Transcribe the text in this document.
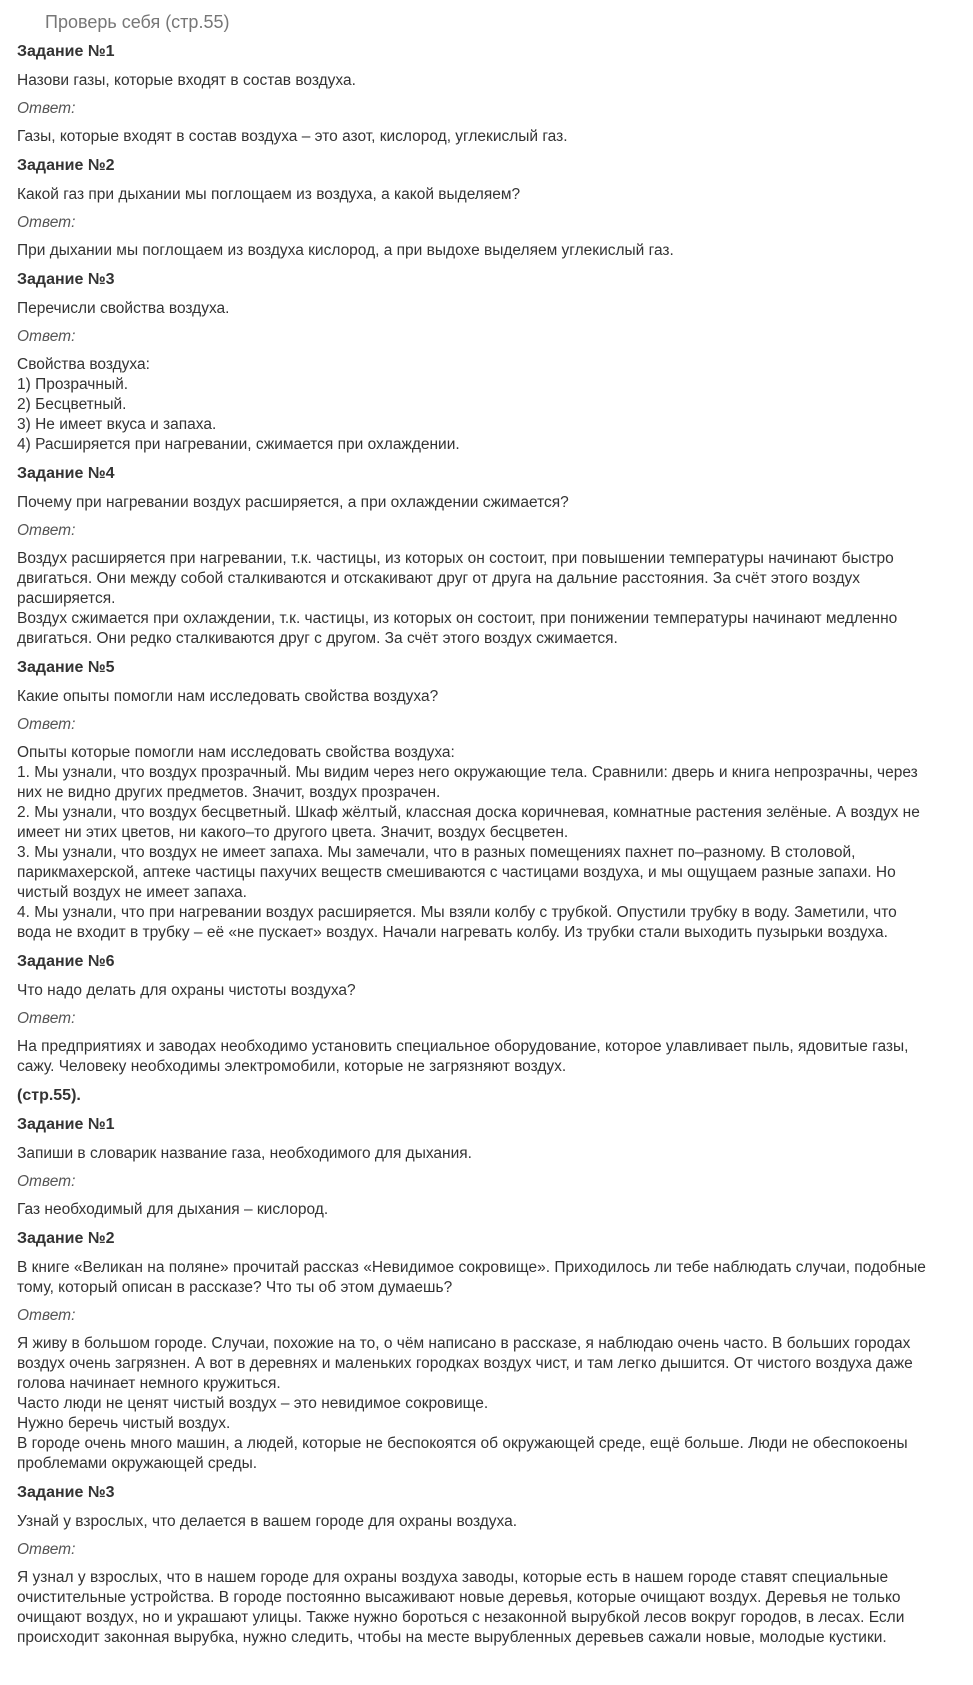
Проверь себя (стр.55)
Задание №1
Назови газы, которые входят в состав воздуха.
Ответ:

Газы, которые входят в состав воздуха – это азот, кислород, углекислый газ.

Задание №2
Какой газ при дыхании мы поглощаем из воздуха, а какой выделяем?
Ответ:

При дыхании мы поглощаем из воздуха кислород, а при выдохе выделяем углекислый газ.

Задание №3
Перечисли свойства воздуха.
Ответ:

Свойства воздуха:

1) Прозрачный.

2) Бесцветный.

3) Не имеет вкуса и запаха.

4) Расширяется при нагревании, сжимается при охлаждении.

Задание №4
Почему при нагревании воздух расширяется, а при охлаждении сжимается?
Ответ:

Воздух расширяется при нагревании, т.к. частицы, из которых он состоит, при повышении температуры начинают быстро

двигаться. Они между собой сталкиваются и отскакивают друг от друга на дальние расстояния. За счёт этого воздух

расширяется.

Воздух сжимается при охлаждении, т.к. частицы, из которых он состоит, при понижении температуры начинают медленно

двигаться. Они редко сталкиваются друг с другом. За счёт этого воздух сжимается.

Задание №5
Какие опыты помогли нам исследовать свойства воздуха?
Ответ:

Опыты которые помогли нам исследовать свойства воздуха:

1. Мы узнали, что воздух прозрачный. Мы видим через него окружающие тела. Сравнили: дверь и книга непрозрачны, через

них не видно других предметов. Значит, воздух прозрачен.

2. Мы узнали, что воздух бесцветный. Шкаф жёлтый, классная доска коричневая, комнатные растения зелёные. А воздух не

имеет ни этих цветов, ни какого–то другого цвета. Значит, воздух бесцветен.

3. Мы узнали, что воздух не имеет запаха. Мы замечали, что в разных помещениях пахнет по–разному. В столовой,

парикмахерской, аптеке частицы пахучих веществ смешиваются с частицами воздуха, и мы ощущаем разные запахи. Но

чистый воздух не имеет запаха.

4. Мы узнали, что при нагревании воздух расширяется. Мы взяли колбу с трубкой. Опустили трубку в воду. Заметили, что

вода не входит в трубку – её «не пускает» воздух. Начали нагревать колбу. Из трубки стали выходить пузырьки воздуха.

Задание №6
Что надо делать для охраны чистоты воздуха?
Ответ:

На предприятиях и заводах необходимо установить специальное оборудование, которое улавливает пыль, ядовитые газы,

сажу. Человеку необходимы электромобили, которые не загрязняют воздух.

(стр.55).
Задание №1

Запиши в словарик название газа, необходимого для дыхания.

Ответ:

Газ необходимый для дыхания – кислород.

Задание №2

В книге «Великан на поляне» прочитай рассказ «Невидимое сокровище». Приходилось ли тебе наблюдать случаи, подобные

тому, который описан в рассказе? Что ты об этом думаешь?

Ответ:

Я живу в большом городе. Случаи, похожие на то, о чём написано в рассказе, я наблюдаю очень часто. В больших городах

воздух очень загрязнен. А вот в деревнях и маленьких городках воздух чист, и там легко дышится. От чистого воздуха даже

голова начинает немного кружиться.

Часто люди не ценят чистый воздух – это невидимое сокровище.

Нужно беречь чистый воздух.

В городе очень много машин, а людей, которые не беспокоятся об окружающей среде, ещё больше. Люди не обеспокоены

проблемами окружающей среды.

Задание №3

Узнай у взрослых, что делается в вашем городе для охраны воздуха.

Ответ:

Я узнал у взрослых, что в нашем городе для охраны воздуха заводы, которые есть в нашем городе ставят специальные

очистительные устройства. В городе постоянно высаживают новые деревья, которые очищают воздух. Деревья не только

очищают воздух, но и украшают улицы. Также нужно бороться с незаконной вырубкой лесов вокруг городов, в лесах. Если

происходит законная вырубка, нужно следить, чтобы на месте вырубленных деревьев сажали новые, молодые кустики.
